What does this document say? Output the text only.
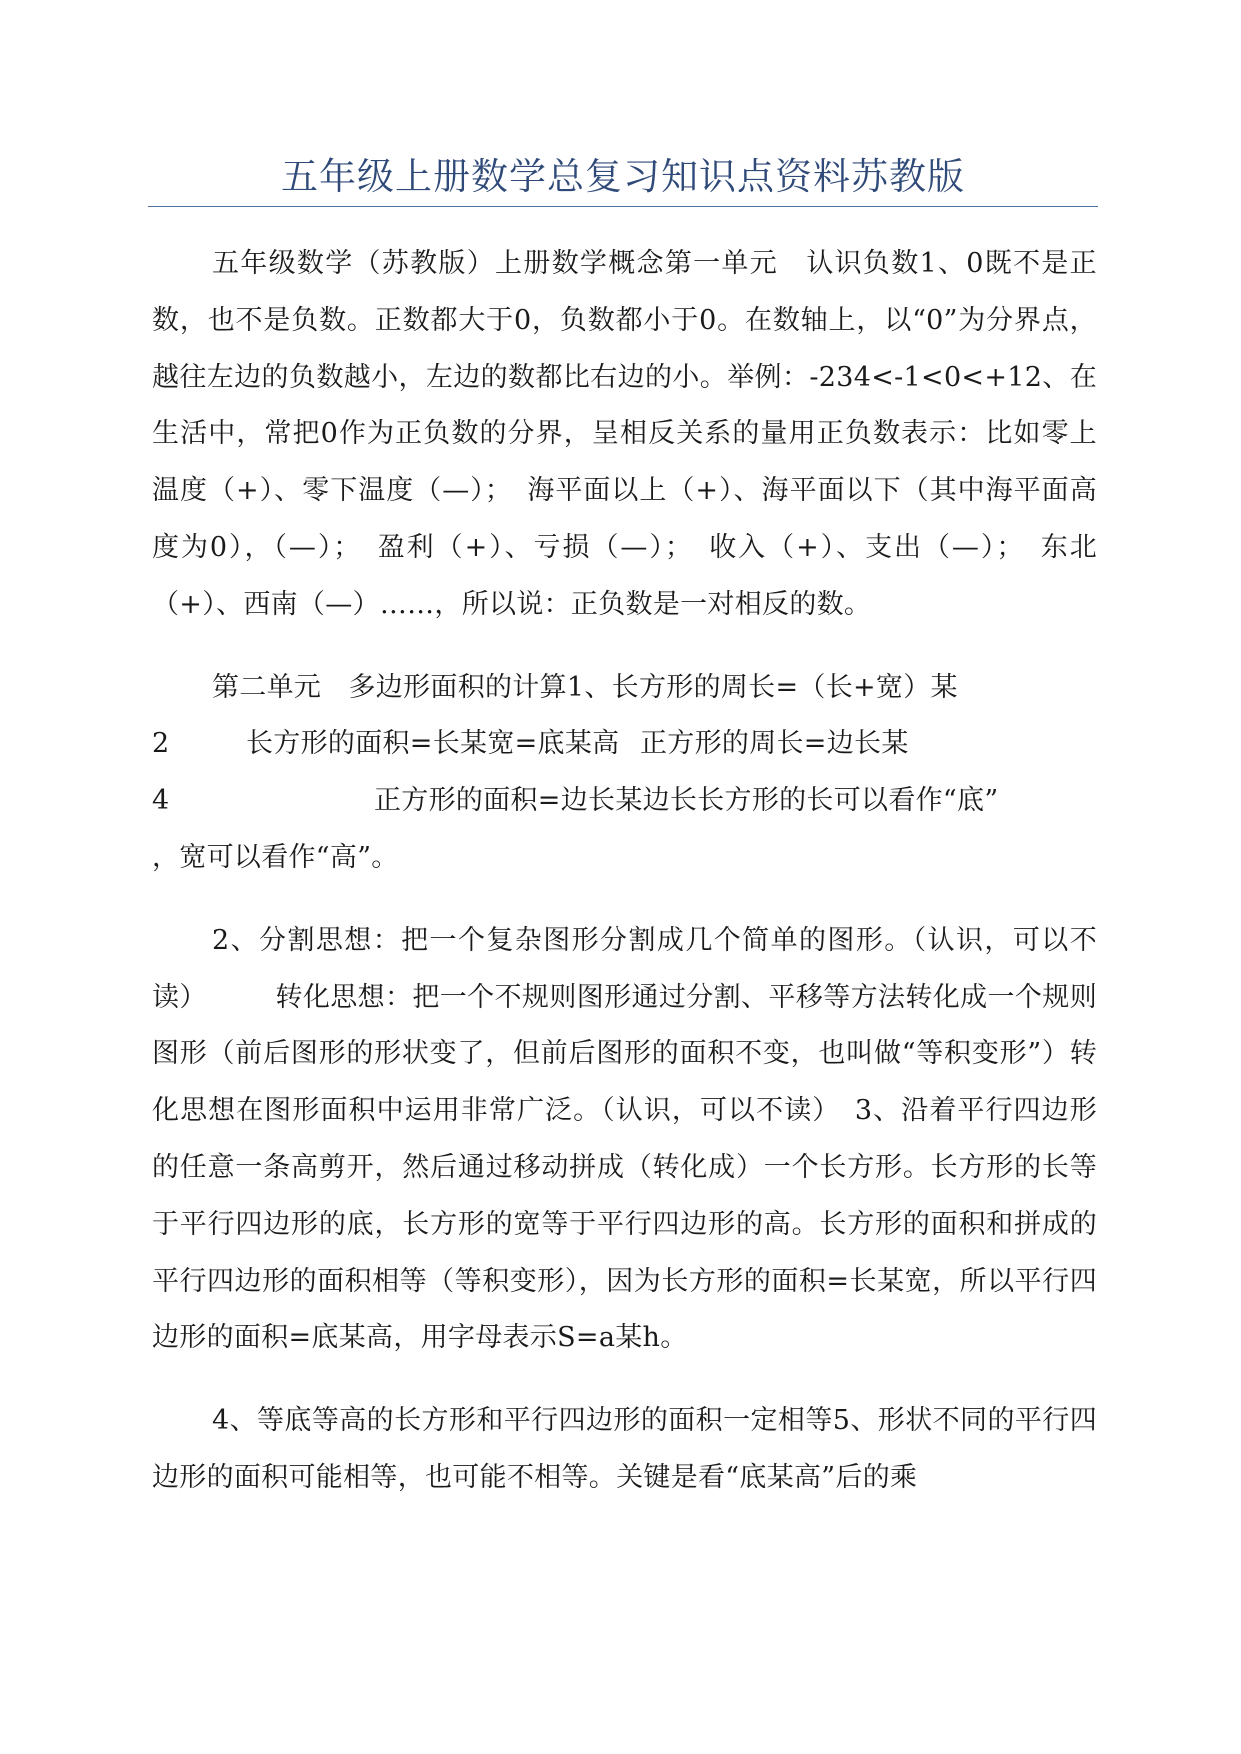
五年级上册数学总复习知识点资料苏教版

五年级数学（苏教版）上册数学概念第一单元　认识负数1、0既不是正数，也不是负数。正数都大于0，负数都小于0。在数轴上，以“0”为分界点，越往左边的负数越小，左边的数都比右边的小。举例：-234<-1<0<+12、在生活中，常把0作为正负数的分界，呈相反关系的量用正负数表示：比如零上温度（+）、零下温度（—）；　海平面以上（+）、海平面以下（其中海平面高度为0），（—）；　盈利（+）、亏损（—）；　收入（+）、支出（—）；　东北（+）、西南（—）……，所以说：正负数是一对相反的数。

第二单元　多边形面积的计算1、长方形的周长=（长+宽）某
2	长方形的面积=长某宽=底某高 正方形的周长=边长某
4	正方形的面积=边长某边长长方形的长可以看作“底”
，宽可以看作“高”。

2、分割思想：把一个复杂图形分割成几个简单的图形。（认识，可以不读）　　　转化思想：把一个不规则图形通过分割、平移等方法转化成一个规则图形（前后图形的形状变了，但前后图形的面积不变，也叫做“等积变形”）转化思想在图形面积中运用非常广泛。（认识，可以不读）　3、沿着平行四边形的任意一条高剪开，然后通过移动拼成（转化成）一个长方形。长方形的长等于平行四边形的底，长方形的宽等于平行四边形的高。长方形的面积和拼成的平行四边形的面积相等（等积变形），因为长方形的面积=长某宽，所以平行四边形的面积=底某高，用字母表示S=a某h。

4、等底等高的长方形和平行四边形的面积一定相等5、形状不同的平行四边形的面积可能相等，也可能不相等。关键是看“底某高”后的乘
